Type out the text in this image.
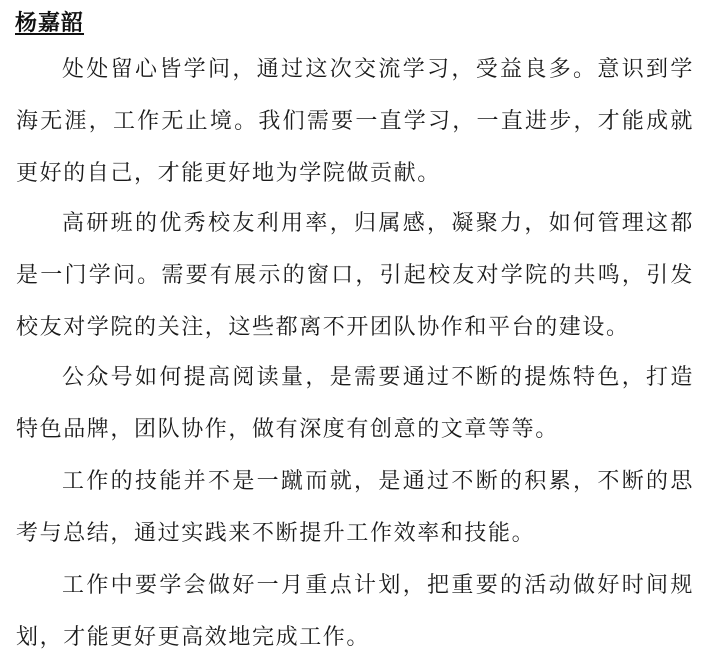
杨嘉韶

处处留心皆学问，通过这次交流学习，受益良多。意识到学海无涯，工作无止境。我们需要一直学习，一直进步，才能成就更好的自己，才能更好地为学院做贡献。

高研班的优秀校友利用率，归属感，凝聚力，如何管理这都是一门学问。需要有展示的窗口，引起校友对学院的共鸣，引发校友对学院的关注，这些都离不开团队协作和平台的建设。

公众号如何提高阅读量，是需要通过不断的提炼特色，打造特色品牌，团队协作，做有深度有创意的文章等等。

工作的技能并不是一蹴而就，是通过不断的积累，不断的思考与总结，通过实践来不断提升工作效率和技能。

工作中要学会做好一月重点计划，把重要的活动做好时间规划，才能更好更高效地完成工作。
